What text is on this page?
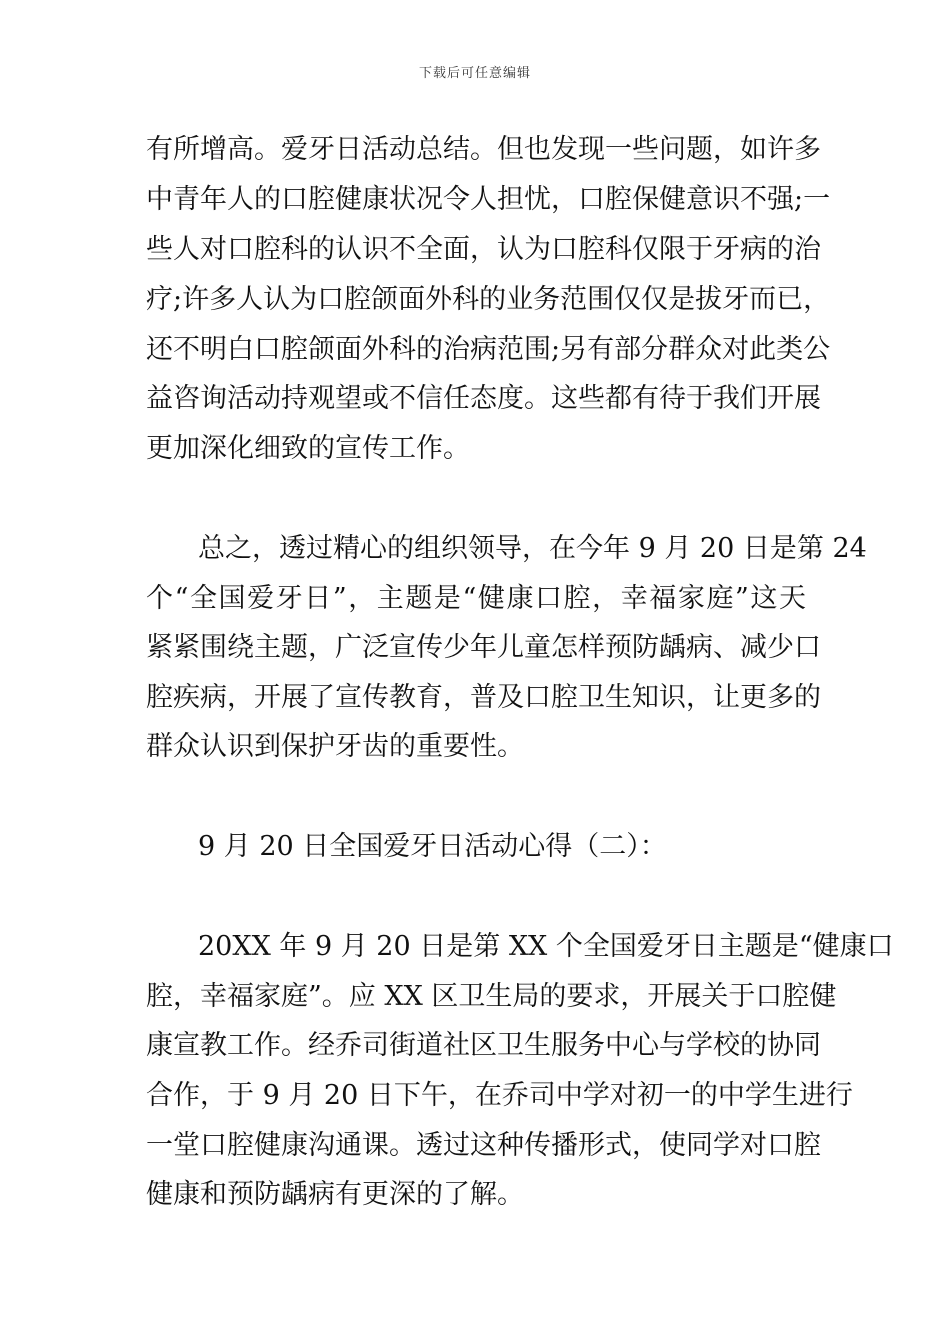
下载后可任意编辑
有所增高。爱牙日活动总结。但也发现一些问题，如许多
中青年人的口腔健康状况令人担忧，口腔保健意识不强;一
些人对口腔科的认识不全面，认为口腔科仅限于牙病的治
疗;许多人认为口腔颌面外科的业务范围仅仅是拔牙而已，
还不明白口腔颌面外科的治病范围;另有部分群众对此类公
益咨询活动持观望或不信任态度。这些都有待于我们开展
更加深化细致的宣传工作。
总之，透过精心的组织领导，在今年 9 月 20 日是第 24
个“全国爱牙日”，主题是“健康口腔，幸福家庭”这天
紧紧围绕主题，广泛宣传少年儿童怎样预防龋病、减少口
腔疾病，开展了宣传教育，普及口腔卫生知识，让更多的
群众认识到保护牙齿的重要性。
9 月 20 日全国爱牙日活动心得（二）：
20XX 年 9 月 20 日是第 XX 个全国爱牙日主题是“健康口
腔，幸福家庭”。应 XX 区卫生局的要求，开展关于口腔健
康宣教工作。经乔司街道社区卫生服务中心与学校的协同
合作，于 9 月 20 日下午，在乔司中学对初一的中学生进行
一堂口腔健康沟通课。透过这种传播形式，使同学对口腔
健康和预防龋病有更深的了解。
